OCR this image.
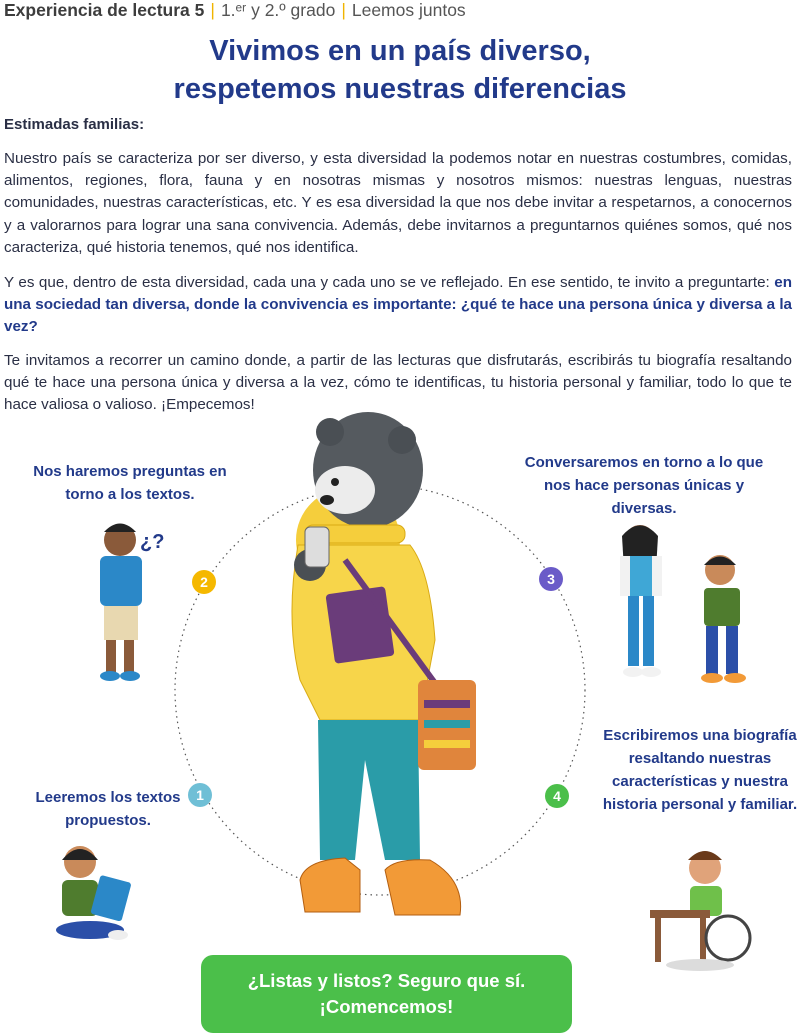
Experiencia de lectura 5 | 1.ᵉʳ y 2.º grado | Leemos juntos
Vivimos en un país diverso,
respetemos nuestras diferencias
Estimadas familias:
Nuestro país se caracteriza por ser diverso, y esta diversidad la podemos notar en nuestras costumbres, comidas, alimentos, regiones, flora, fauna y en nosotras mismas y nosotros mismos: nuestras lenguas, nuestras comunidades, nuestras características, etc. Y es esa diversidad la que nos debe invitar a respetarnos, a conocernos y a valorarnos para lograr una sana convivencia. Además, debe invitarnos a preguntarnos quiénes somos, qué nos caracteriza, qué historia tenemos, qué nos identifica.
Y es que, dentro de esta diversidad, cada una y cada uno se ve reflejado. En ese sentido, te invito a preguntarte: en una sociedad tan diversa, donde la convivencia es importante: ¿qué te hace una persona única y diversa a la vez?
Te invitamos a recorrer un camino donde, a partir de las lecturas que disfrutarás, escribirás tu biografía resaltando qué te hace una persona única y diversa a la vez, cómo te identificas, tu historia personal y familiar, todo lo que te hace valiosa o valioso. ¡Empecemos!
¿?
Nos haremos preguntas en torno a los textos.
2
Conversaremos en torno a lo que nos hace personas únicas y diversas.
3
Leeremos los textos propuestos.
1
Escribiremos una biografía resaltando nuestras características y nuestra historia personal y familiar.
4
¿Listas y listos? Seguro que sí.
¡Comencemos!
